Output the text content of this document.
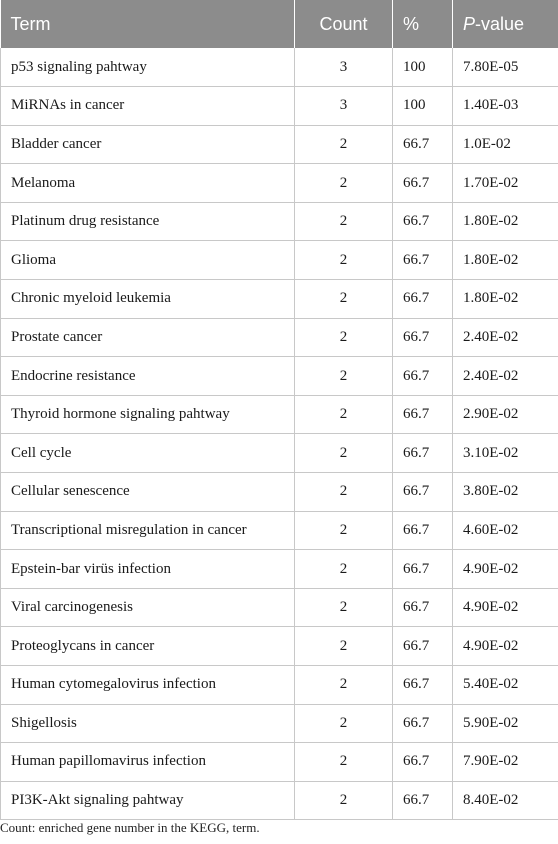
Term	Count	%	P-value
p53 signaling pahtway	3	100	7.80E-05
MiRNAs in cancer	3	100	1.40E-03
Bladder cancer	2	66.7	1.0E-02
Melanoma	2	66.7	1.70E-02
Platinum drug resistance	2	66.7	1.80E-02
Glioma	2	66.7	1.80E-02
Chronic myeloid leukemia	2	66.7	1.80E-02
Prostate cancer	2	66.7	2.40E-02
Endocrine resistance	2	66.7	2.40E-02
Thyroid hormone signaling pahtway	2	66.7	2.90E-02
Cell cycle	2	66.7	3.10E-02
Cellular senescence	2	66.7	3.80E-02
Transcriptional misregulation in cancer	2	66.7	4.60E-02
Epstein-bar virüs infection	2	66.7	4.90E-02
Viral carcinogenesis	2	66.7	4.90E-02
Proteoglycans in cancer	2	66.7	4.90E-02
Human cytomegalovirus infection	2	66.7	5.40E-02
Shigellosis	2	66.7	5.90E-02
Human papillomavirus infection	2	66.7	7.90E-02
PI3K-Akt signaling pahtway	2	66.7	8.40E-02
Count: enriched gene number in the KEGG, term.
